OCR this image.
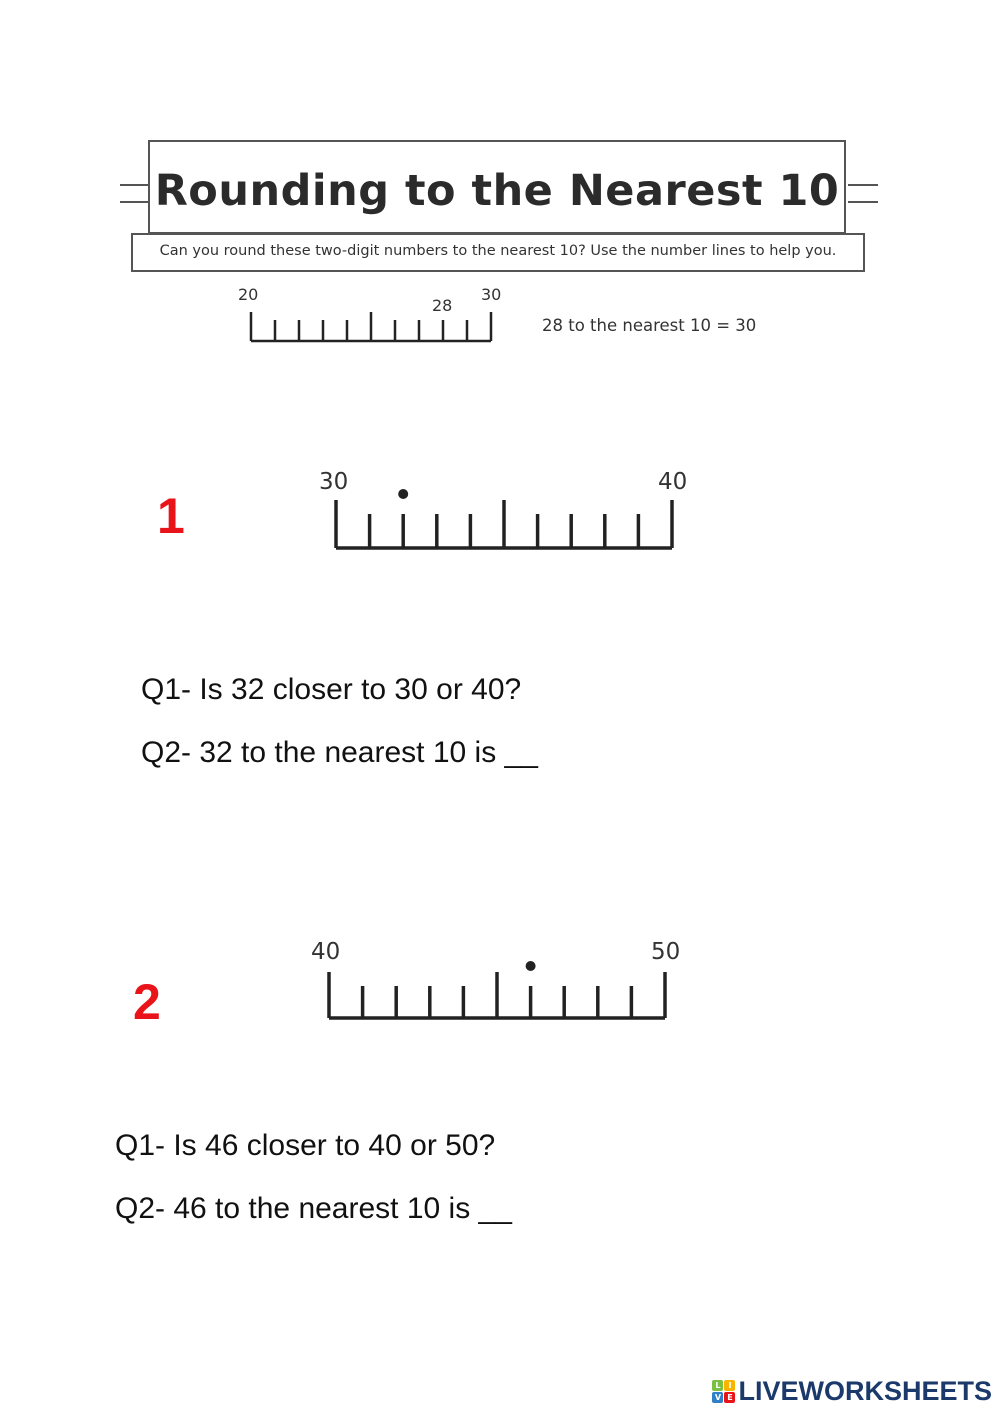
Rounding to the Nearest 10
Can you round these two-digit numbers to the nearest 10? Use the number lines to help you.
20	30
28
28 to the nearest 10 = 30
1
30	40
Q1- Is 32 closer to 30 or 40?
Q2- 32 to the nearest 10 is __
2
40	50
Q1- Is 46 closer to 40 or 50?
Q2- 46 to the nearest 10 is __
L I
V E LIVEWORKSHEETS
